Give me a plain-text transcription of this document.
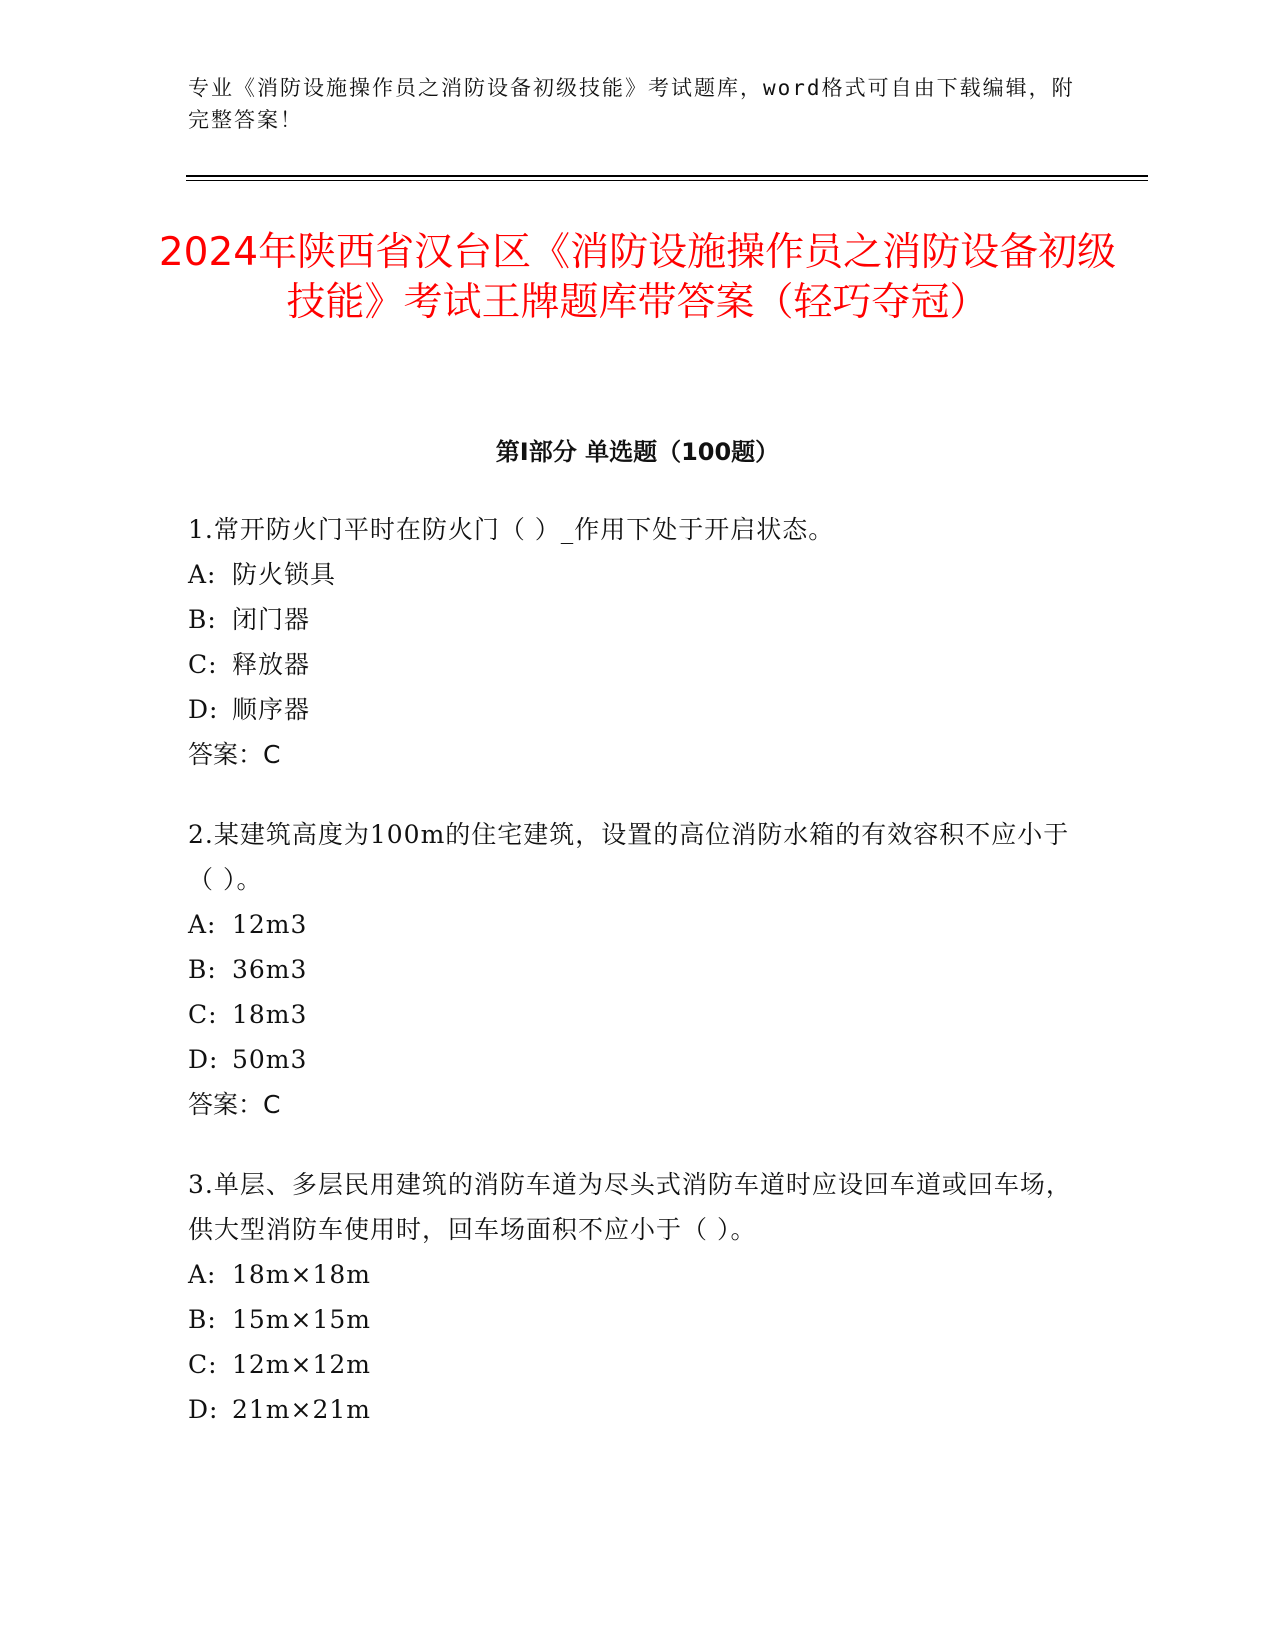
专业《消防设施操作员之消防设备初级技能》考试题库，word格式可自由下载编辑，附完整答案！
2024年陕西省汉台区《消防设施操作员之消防设备初级技能》考试王牌题库带答案（轻巧夺冠）
第Ⅰ部分 单选题（100题）

1.常开防火门平时在防火门（ ）_作用下处于开启状态。

A: 防火锁具

B: 闭门器

C: 释放器

D: 顺序器

答案：C

2.某建筑高度为100m的住宅建筑，设置的高位消防水箱的有效容积不应小于（ ）。

A: 12m3

B: 36m3

C: 18m3

D: 50m3

答案：C

3.单层、多层民用建筑的消防车道为尽头式消防车道时应设回车道或回车场，供大型消防车使用时，回车场面积不应小于（ ）。

A: 18m×18m

B: 15m×15m

C: 12m×12m

D: 21m×21m
